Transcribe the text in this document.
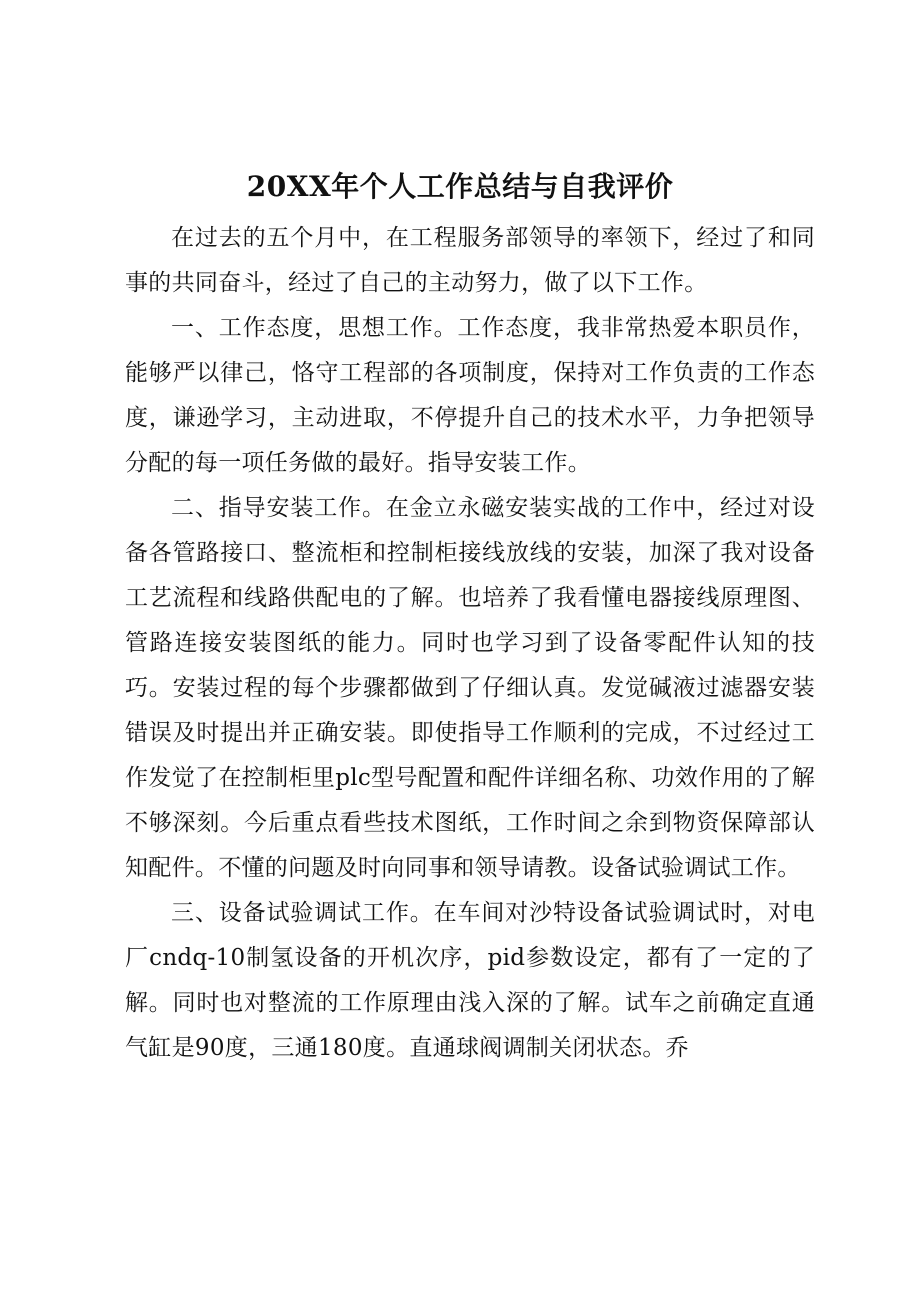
20XX年个人工作总结与自我评价

在过去的五个月中，在工程服务部领导的率领下，经过了和同事的共同奋斗，经过了自己的主动努力，做了以下工作。

一、工作态度，思想工作。工作态度，我非常热爱本职员作，能够严以律己，恪守工程部的各项制度，保持对工作负责的工作态度，谦逊学习，主动进取，不停提升自己的技术水平，力争把领导分配的每一项任务做的最好。指导安装工作。

二、指导安装工作。在金立永磁安装实战的工作中，经过对设备各管路接口、整流柜和控制柜接线放线的安装，加深了我对设备工艺流程和线路供配电的了解。也培养了我看懂电器接线原理图、管路连接安装图纸的能力。同时也学习到了设备零配件认知的技巧。安装过程的每个步骤都做到了仔细认真。发觉碱液过滤器安装错误及时提出并正确安装。即使指导工作顺利的完成，不过经过工作发觉了在控制柜里plc型号配置和配件详细名称、功效作用的了解不够深刻。今后重点看些技术图纸，工作时间之余到物资保障部认知配件。不懂的问题及时向同事和领导请教。设备试验调试工作。

三、设备试验调试工作。在车间对沙特设备试验调试时，对电厂cndq-10制氢设备的开机次序，pid参数设定，都有了一定的了解。同时也对整流的工作原理由浅入深的了解。试车之前确定直通气缸是90度，三通180度。直通球阀调制关闭状态。乔
